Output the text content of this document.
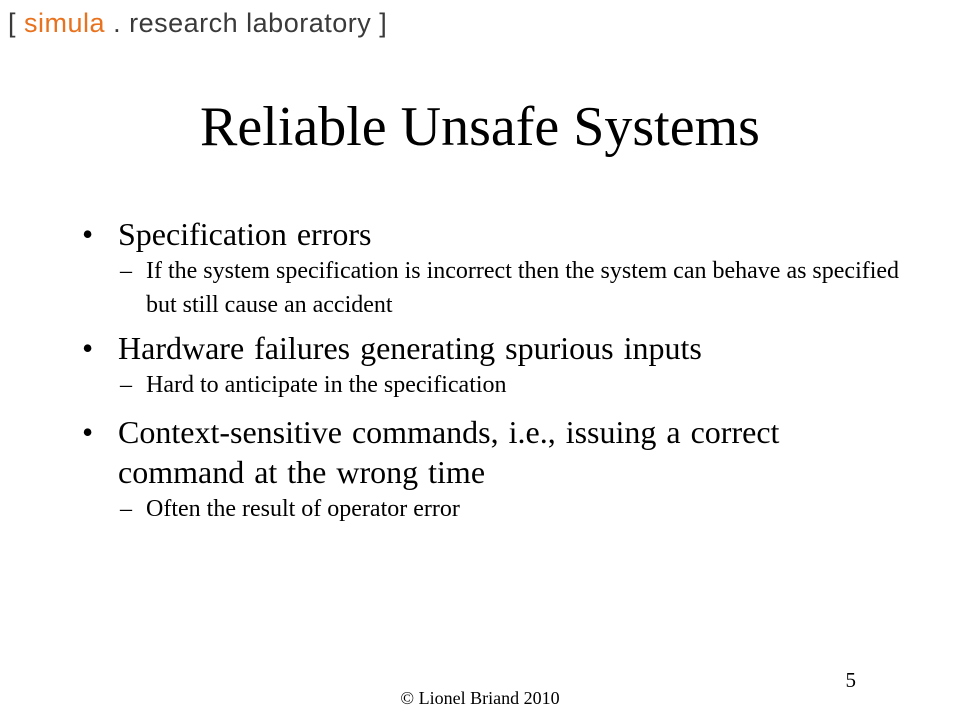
[ simula . research laboratory ]
Reliable Unsafe Systems
• Specification errors
– If the system specification is incorrect then the system can behave as specified but still cause an accident
• Hardware failures generating spurious inputs
– Hard to anticipate in the specification
• Context-sensitive commands, i.e., issuing a correct command at the wrong time
– Often the result of operator error
5
© Lionel Briand 2010
